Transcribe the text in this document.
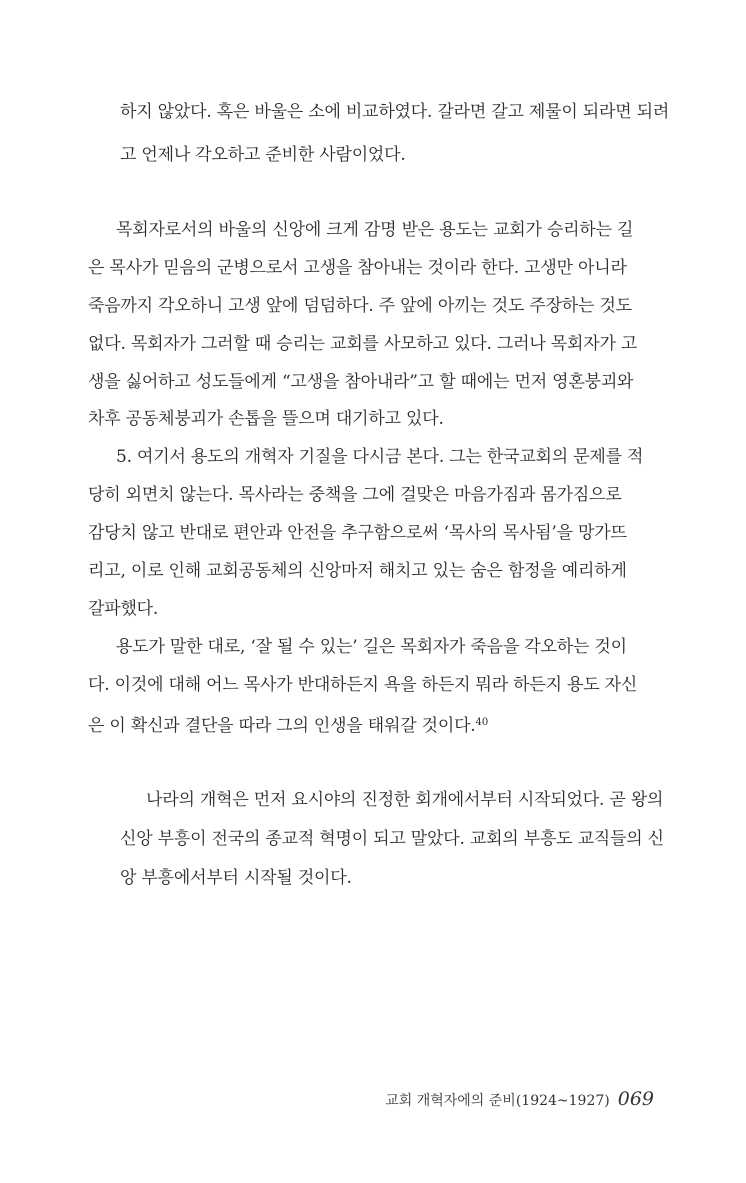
하지 않았다. 혹은 바울은 소에 비교하였다. 갈라면 갈고 제물이 되라면 되려
고 언제나 각오하고 준비한 사람이었다.
목회자로서의 바울의 신앙에 크게 감명 받은 용도는 교회가 승리하는 길
은 목사가 믿음의 군병으로서 고생을 참아내는 것이라 한다. 고생만 아니라
죽음까지 각오하니 고생 앞에 덤덤하다. 주 앞에 아끼는 것도 주장하는 것도
없다. 목회자가 그러할 때 승리는 교회를 사모하고 있다. 그러나 목회자가 고
생을 싫어하고 성도들에게 “고생을 참아내라”고 할 때에는 먼저 영혼붕괴와
차후 공동체붕괴가 손톱을 뜰으며 대기하고 있다.
5. 여기서 용도의 개혁자 기질을 다시금 본다. 그는 한국교회의 문제를 적
당히 외면치 않는다. 목사라는 중책을 그에 걸맞은 마음가짐과 몸가짐으로
감당치 않고 반대로 편안과 안전을 추구함으로써 ‘목사의 목사됨’을 망가뜨
리고, 이로 인해 교회공동체의 신앙마저 해치고 있는 숨은 함정을 예리하게
갈파했다.
용도가 말한 대로, ‘잘 될 수 있는’ 길은 목회자가 죽음을 각오하는 것이
다. 이것에 대해 어느 목사가 반대하든지 욕을 하든지 뭐라 하든지 용도 자신
은 이 확신과 결단을 따라 그의 인생을 태워갈 것이다.$^{40}$
나라의 개혁은 먼저 요시야의 진정한 회개에서부터 시작되었다. 곧 왕의
신앙 부흥이 전국의 종교적 혁명이 되고 말았다. 교회의 부흥도 교직들의 신
앙 부흥에서부터 시작될 것이다.
교회 개혁자에의 준비(1924~1927) 069
